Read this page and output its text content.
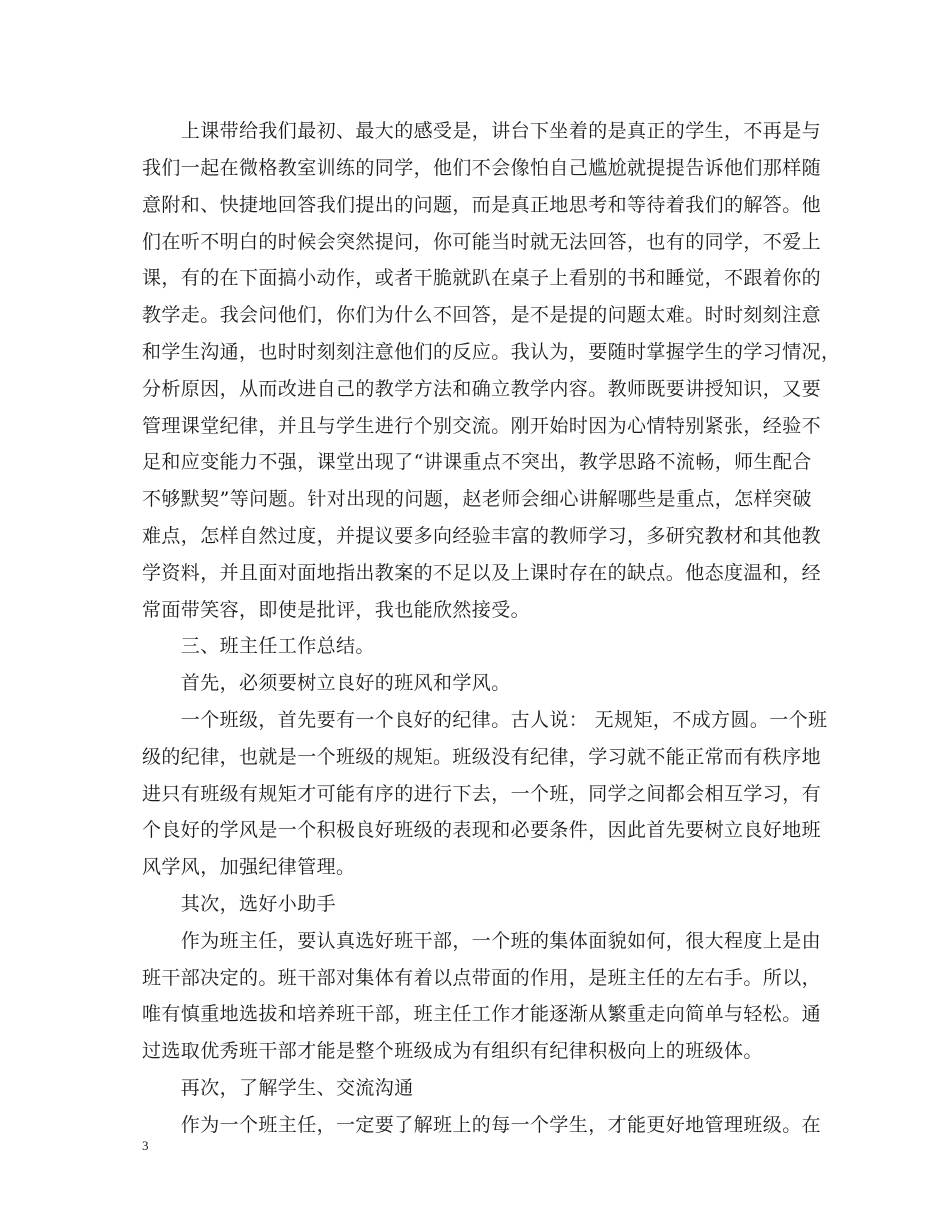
　　上课带给我们最初、最大的感受是，讲台下坐着的是真正的学生，不再是与
我们一起在微格教室训练的同学，他们不会像怕自己尴尬就提提告诉他们那样随
意附和、快捷地回答我们提出的问题，而是真正地思考和等待着我们的解答。他
们在听不明白的时候会突然提问，你可能当时就无法回答，也有的同学，不爱上
课，有的在下面搞小动作，或者干脆就趴在桌子上看别的书和睡觉，不跟着你的
教学走。我会问他们，你们为什么不回答，是不是提的问题太难。时时刻刻注意
和学生沟通，也时时刻刻注意他们的反应。我认为，要随时掌握学生的学习情况，
分析原因，从而改进自己的教学方法和确立教学内容。教师既要讲授知识，又要
管理课堂纪律，并且与学生进行个别交流。刚开始时因为心情特别紧张，经验不
足和应变能力不强，课堂出现了“讲课重点不突出，教学思路不流畅，师生配合
不够默契”等问题。针对出现的问题，赵老师会细心讲解哪些是重点，怎样突破
难点，怎样自然过度，并提议要多向经验丰富的教师学习，多研究教材和其他教
学资料，并且面对面地指出教案的不足以及上课时存在的缺点。他态度温和，经
常面带笑容，即使是批评，我也能欣然接受。
　　三、班主任工作总结。
　　首先，必须要树立良好的班风和学风。
　　一个班级，首先要有一个良好的纪律。古人说： 无规矩，不成方圆。一个班
级的纪律，也就是一个班级的规矩。班级没有纪律，学习就不能正常而有秩序地
进只有班级有规矩才可能有序的进行下去，一个班，同学之间都会相互学习，有
个良好的学风是一个积极良好班级的表现和必要条件，因此首先要树立良好地班
风学风，加强纪律管理。
　　其次，选好小助手
　　作为班主任，要认真选好班干部，一个班的集体面貌如何，很大程度上是由
班干部决定的。班干部对集体有着以点带面的作用，是班主任的左右手。所以，
唯有慎重地选拔和培养班干部，班主任工作才能逐渐从繁重走向简单与轻松。通
过选取优秀班干部才能是整个班级成为有组织有纪律积极向上的班级体。
　　再次，了解学生、交流沟通
　　作为一个班主任，一定要了解班上的每一个学生，才能更好地管理班级。在
3
